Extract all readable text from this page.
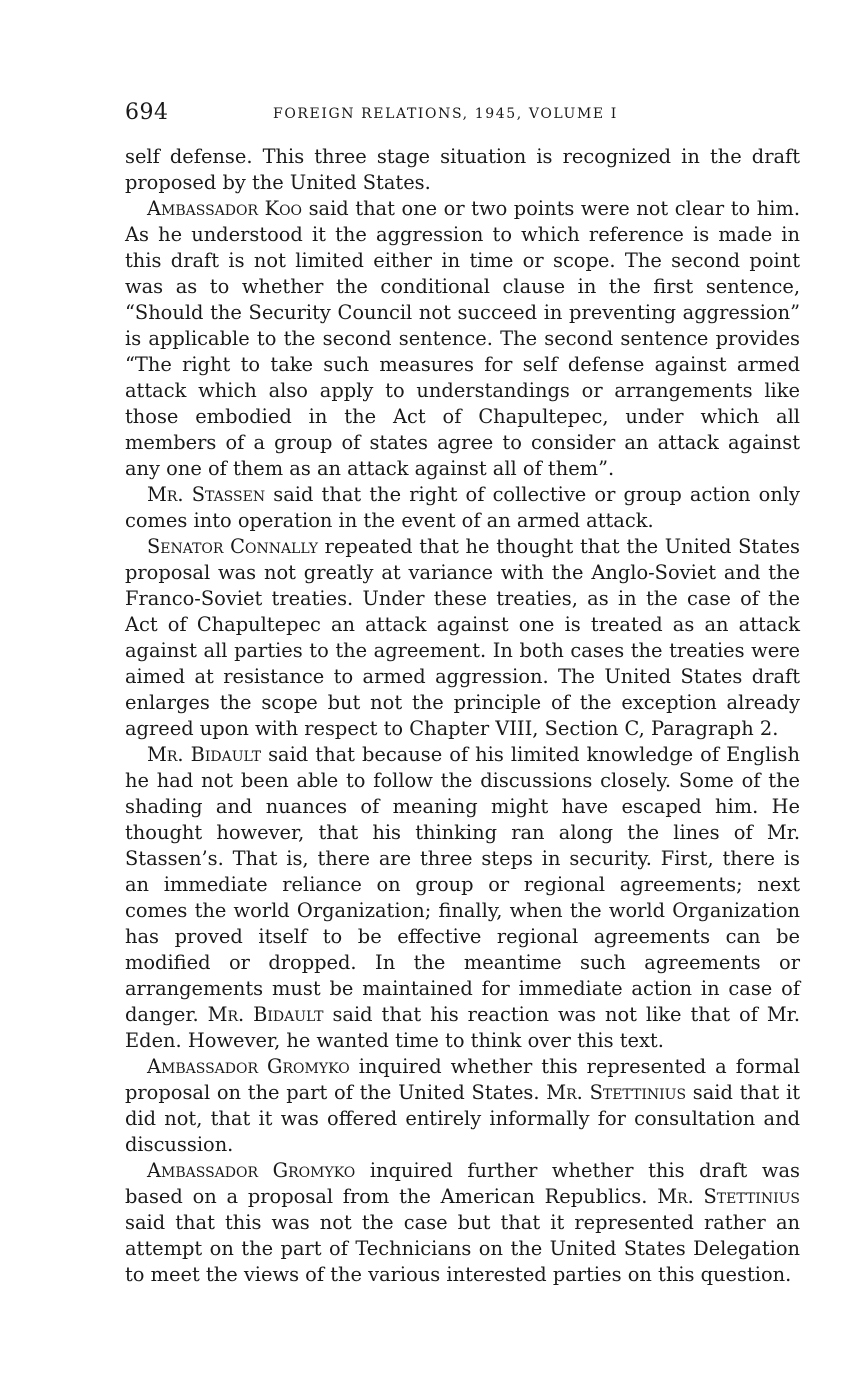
694	FOREIGN RELATIONS, 1945, VOLUME I

self defense. This three stage situation is recognized in the draft proposed by the United States.

Ambassador Koo said that one or two points were not clear to him. As he understood it the aggression to which reference is made in this draft is not limited either in time or scope. The second point was as to whether the conditional clause in the first sentence, “Should the Security Council not succeed in preventing aggression” is applicable to the second sentence. The second sentence provides “The right to take such measures for self defense against armed attack which also apply to understandings or arrangements like those embodied in the Act of Chapultepec, under which all members of a group of states agree to consider an attack against any one of them as an attack against all of them”.

Mr. Stassen said that the right of collective or group action only comes into operation in the event of an armed attack.

Senator Connally repeated that he thought that the United States proposal was not greatly at variance with the Anglo-Soviet and the Franco-Soviet treaties. Under these treaties, as in the case of the Act of Chapultepec an attack against one is treated as an attack against all parties to the agreement. In both cases the treaties were aimed at resistance to armed aggression. The United States draft enlarges the scope but not the principle of the exception already agreed upon with respect to Chapter VIII, Section C, Paragraph 2.

Mr. Bidault said that because of his limited knowledge of English he had not been able to follow the discussions closely. Some of the shading and nuances of meaning might have escaped him. He thought however, that his thinking ran along the lines of Mr. Stassen’s. That is, there are three steps in security. First, there is an immediate reliance on group or regional agreements; next comes the world Organization; finally, when the world Organization has proved itself to be effective regional agreements can be modified or dropped. In the meantime such agreements or arrangements must be maintained for immediate action in case of danger. Mr. Bidault said that his reaction was not like that of Mr. Eden. However, he wanted time to think over this text.

Ambassador Gromyko inquired whether this represented a formal proposal on the part of the United States. Mr. Stettinius said that it did not, that it was offered entirely informally for consultation and discussion.

Ambassador Gromyko inquired further whether this draft was based on a proposal from the American Republics. Mr. Stettinius said that this was not the case but that it represented rather an attempt on the part of Technicians on the United States Delegation to meet the views of the various interested parties on this question.
